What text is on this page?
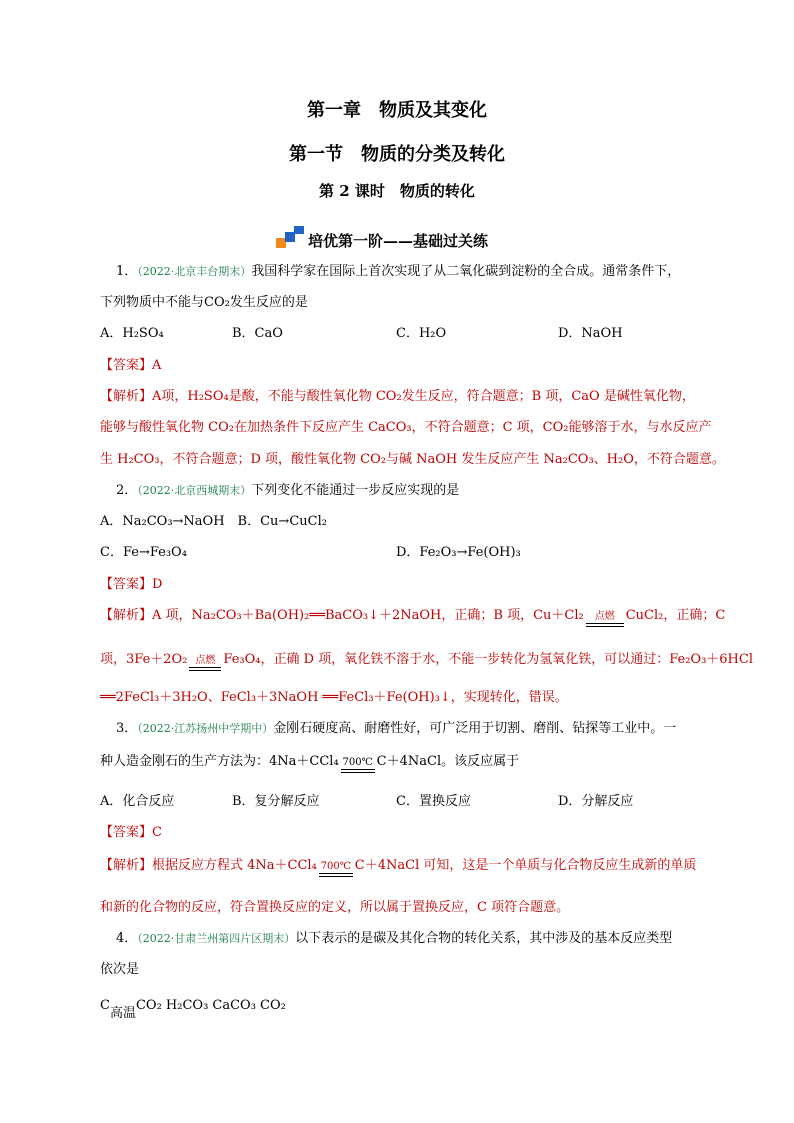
第一章　物质及其变化
第一节　物质的分类及转化
第 2 课时　物质的转化
培优第一阶——基础过关练
1．（2022·北京丰台期末）我国科学家在国际上首次实现了从二氧化碳到淀粉的全合成。通常条件下，
下列物质中不能与CO₂发生反应的是
A．H₂SO₄	B．CaO	C．H₂O	D．NaOH
【答案】A
【解析】A项，H₂SO₄是酸，不能与酸性氧化物 CO₂发生反应，符合题意；B 项，CaO 是碱性氧化物，
能够与酸性氧化物 CO₂在加热条件下反应产生 CaCO₃，不符合题意；C 项，CO₂能够溶于水，与水反应产
生 H₂CO₃，不符合题意；D 项，酸性氧化物 CO₂与碱 NaOH 发生反应产生 Na₂CO₃、H₂O，不符合题意。
2．（2022·北京西城期末）下列变化不能通过一步反应实现的是
A．Na₂CO₃→NaOH　B．Cu→CuCl₂
C．Fe→Fe₃O₄	D．Fe₂O₃→Fe(OH)₃
【答案】D
【解析】A 项，Na₂CO₃＋Ba(OH)₂══BaCO₃↓＋2NaOH，正确；B 项，Cu＋Cl₂	点燃 CuCl₂，正确；C
项，3Fe＋2O₂ 点燃 Fe₃O₄，正确 D 项，氧化铁不溶于水，不能一步转化为氢氧化铁，可以通过：Fe₂O₃＋6HCl
══2FeCl₃＋3H₂O、FeCl₃＋3NaOH ══FeCl₃＋Fe(OH)₃↓，实现转化，错误。
3．（2022·江苏扬州中学期中）金刚石硬度高、耐磨性好，可广泛用于切割、磨削、钻探等工业中。一
种人造金刚石的生产方法为：4Na＋CCl₄ 700℃ C＋4NaCl。该反应属于
A．化合反应	B．复分解反应	C．置换反应	D．分解反应
【答案】C
【解析】根据反应方程式 4Na＋CCl₄ 700℃ C＋4NaCl 可知，这是一个单质与化合物反应生成新的单质
和新的化合物的反应，符合置换反应的定义，所以属于置换反应，C 项符合题意。
4．（2022·甘肃兰州第四片区期末）以下表示的是碳及其化合物的转化关系，其中涉及的基本反应类型
依次是
C高温CO₂ H₂CO₃ CaCO₃ CO₂
